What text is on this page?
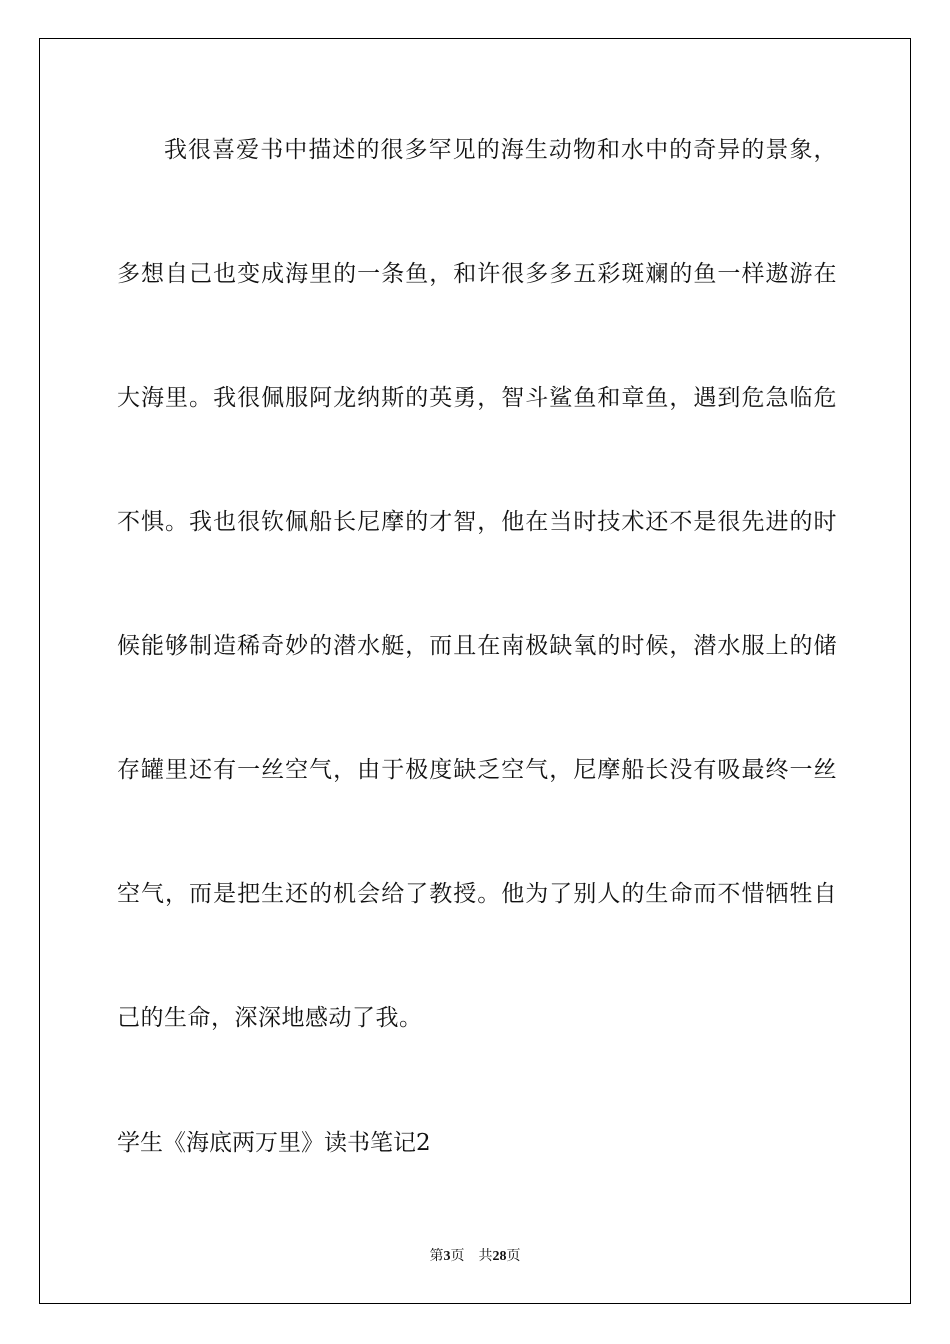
我很喜爱书中描述的很多罕见的海生动物和水中的奇异的景象，
多想自己也变成海里的一条鱼，和许很多多五彩斑斓的鱼一样遨游在
大海里。我很佩服阿龙纳斯的英勇，智斗鲨鱼和章鱼，遇到危急临危
不惧。我也很钦佩船长尼摩的才智，他在当时技术还不是很先进的时
候能够制造稀奇妙的潜水艇，而且在南极缺氧的时候，潜水服上的储
存罐里还有一丝空气，由于极度缺乏空气，尼摩船长没有吸最终一丝
空气，而是把生还的机会给了教授。他为了别人的生命而不惜牺牲自
己的生命，深深地感动了我。
学生《海底两万里》读书笔记2
第3页 共28页
